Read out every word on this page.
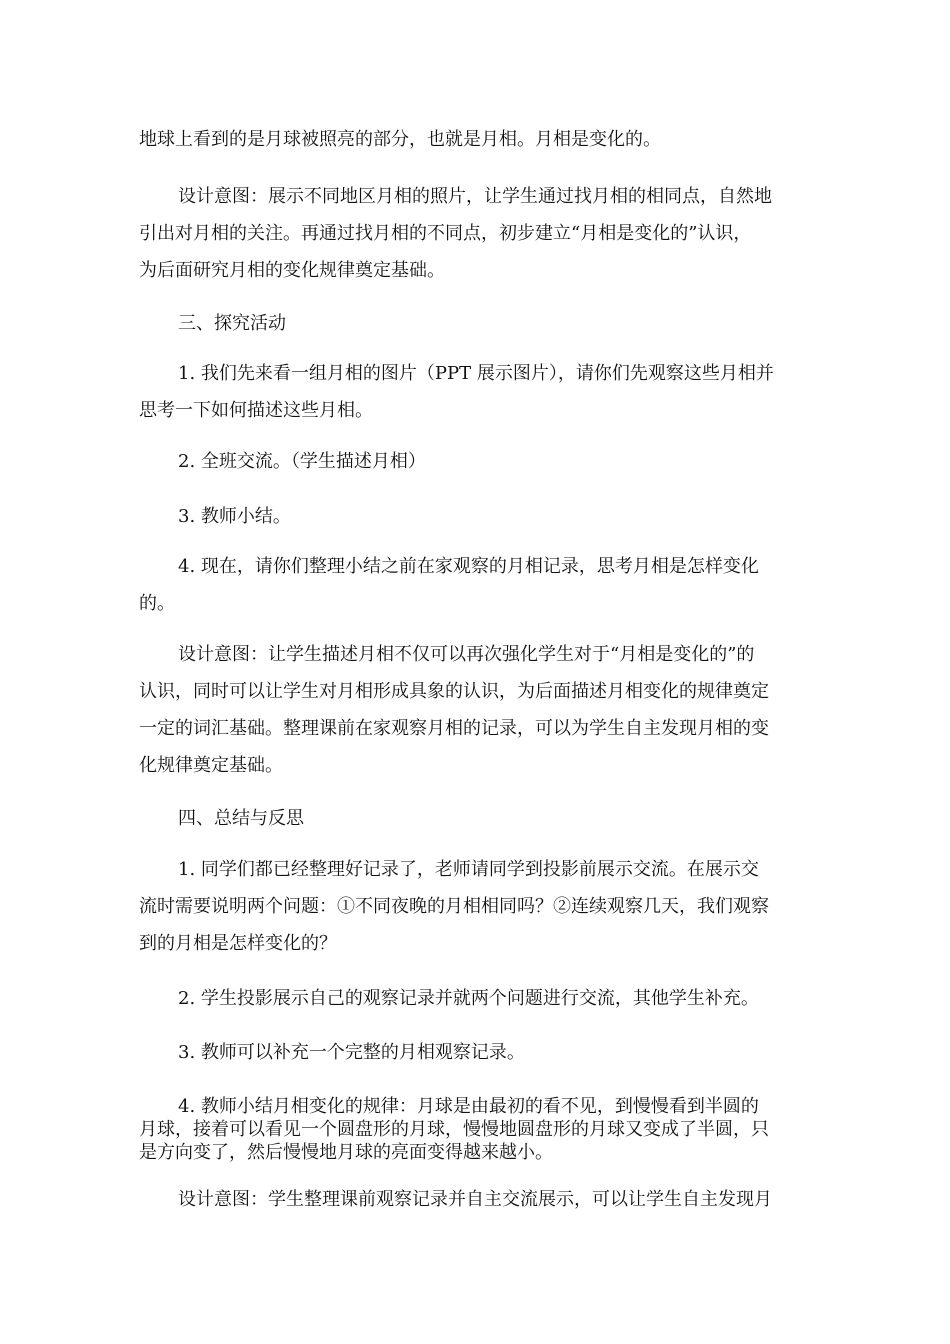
地球上看到的是月球被照亮的部分，也就是月相。月相是变化的。
设计意图：展示不同地区月相的照片，让学生通过找月相的相同点，自然地
引出对月相的关注。再通过找月相的不同点，初步建立“月相是变化的”认识，
为后面研究月相的变化规律奠定基础。
三、探究活动
1. 我们先来看一组月相的图片（PPT 展示图片），请你们先观察这些月相并
思考一下如何描述这些月相。
2. 全班交流。（学生描述月相）
3. 教师小结。
4. 现在，请你们整理小结之前在家观察的月相记录，思考月相是怎样变化
的。
设计意图：让学生描述月相不仅可以再次强化学生对于“月相是变化的”的
认识，同时可以让学生对月相形成具象的认识，为后面描述月相变化的规律奠定
一定的词汇基础。整理课前在家观察月相的记录，可以为学生自主发现月相的变
化规律奠定基础。
四、总结与反思
1. 同学们都已经整理好记录了，老师请同学到投影前展示交流。在展示交
流时需要说明两个问题：①不同夜晚的月相相同吗？②连续观察几天，我们观察
到的月相是怎样变化的？
2. 学生投影展示自己的观察记录并就两个问题进行交流，其他学生补充。
3. 教师可以补充一个完整的月相观察记录。
4. 教师小结月相变化的规律：月球是由最初的看不见，到慢慢看到半圆的
月球，接着可以看见一个圆盘形的月球，慢慢地圆盘形的月球又变成了半圆，只
是方向变了，然后慢慢地月球的亮面变得越来越小。
设计意图：学生整理课前观察记录并自主交流展示，可以让学生自主发现月
